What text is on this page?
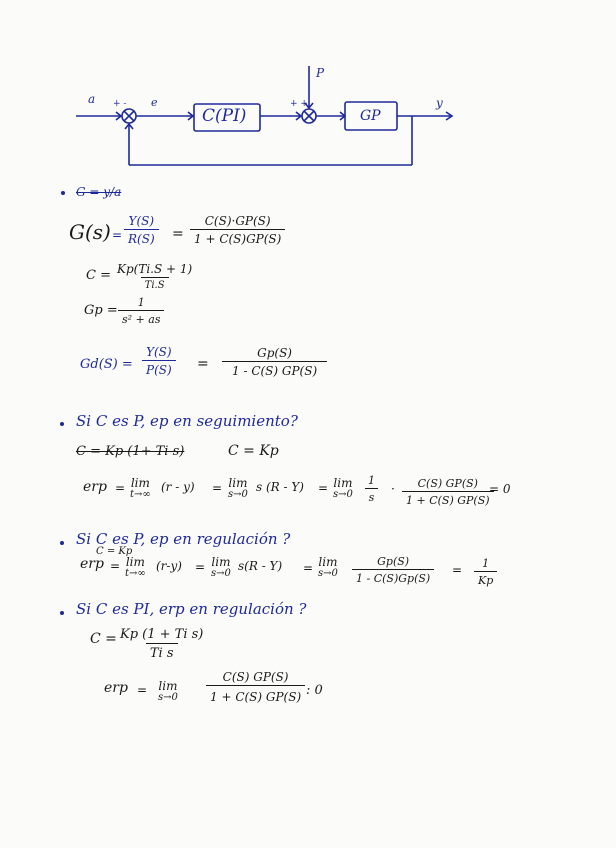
a	e
+ -
C(PI)
P
+ +
GP
y
G = y/a
$G(s) = \frac{Y(S)}{R(S)} = \frac{C(S)\cdot GP(S)}{1 + C(S)GP(S)}$
C = Kp(Ti.S + 1)
Ti.S
$Gp = \frac{1}{\text{s² + as}}$
$Gd(S) = \frac{Y(S)}{P(S)} = \frac{Gp(S)}{1 - C(S) GP(S)}$
Si C es P, ep en seguimiento?
C = Kp (1+ Ti s)	C = Kp
erp = lim
t→∞
(r - y) = lim
s→0
s (R - Y) = lim
$s\to 0 \frac{1}{s} \cdot \frac{C(S) GP(S)}{1 + C(S) GP(S)}$
= 0
Si C es P, ep en regulación ?
C = Kp
erp = lim
t→∞
(r-y) = lim
s→0
s(R - Y) = lim
$s\to 0 \frac{Gp(S)}{1 - C(S)Gp(S)} = \frac{1}{Kp}$
Si C es PI, erp en regulación ?
$C = \frac{\text{Kp (1 + Ti s)}}{\text{Ti s}}$
erp = lim
$s\to 0 \frac{C(S) GP(S)}{1 + C(S) GP(S)}$ : 0
